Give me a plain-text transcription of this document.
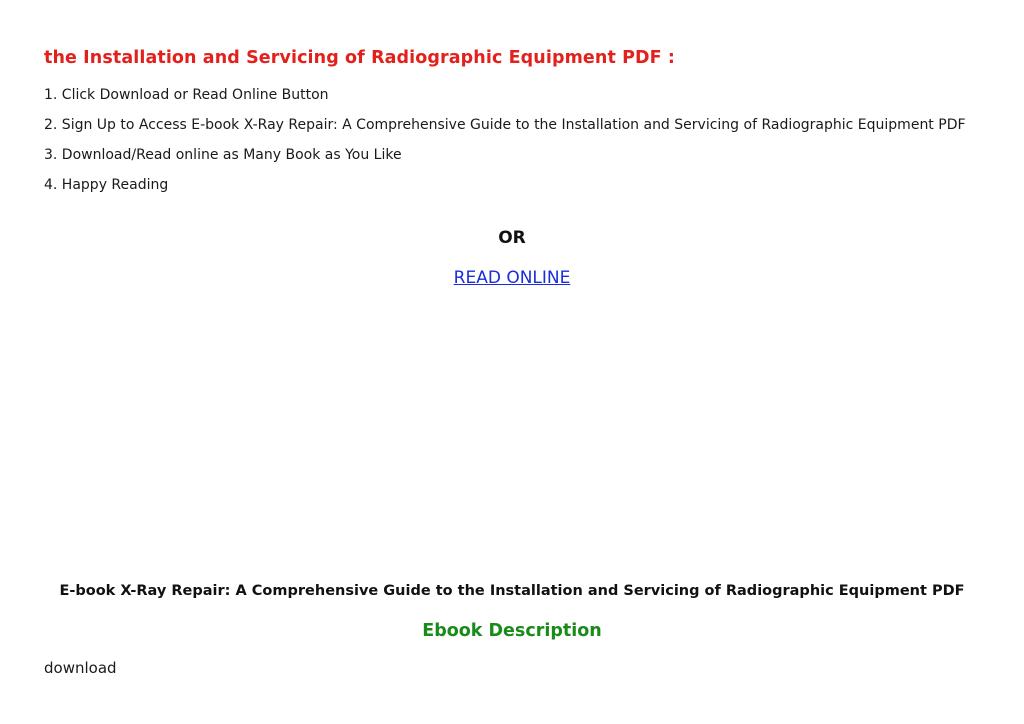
the Installation and Servicing of Radiographic Equipment PDF :
1. Click Download or Read Online Button
2. Sign Up to Access E-book X-Ray Repair: A Comprehensive Guide to the Installation and Servicing of Radiographic Equipment PDF
3. Download/Read online as Many Book as You Like
4. Happy Reading
OR
READ ONLINE
E-book X-Ray Repair: A Comprehensive Guide to the Installation and Servicing of Radiographic Equipment PDF
Ebook Description
download
